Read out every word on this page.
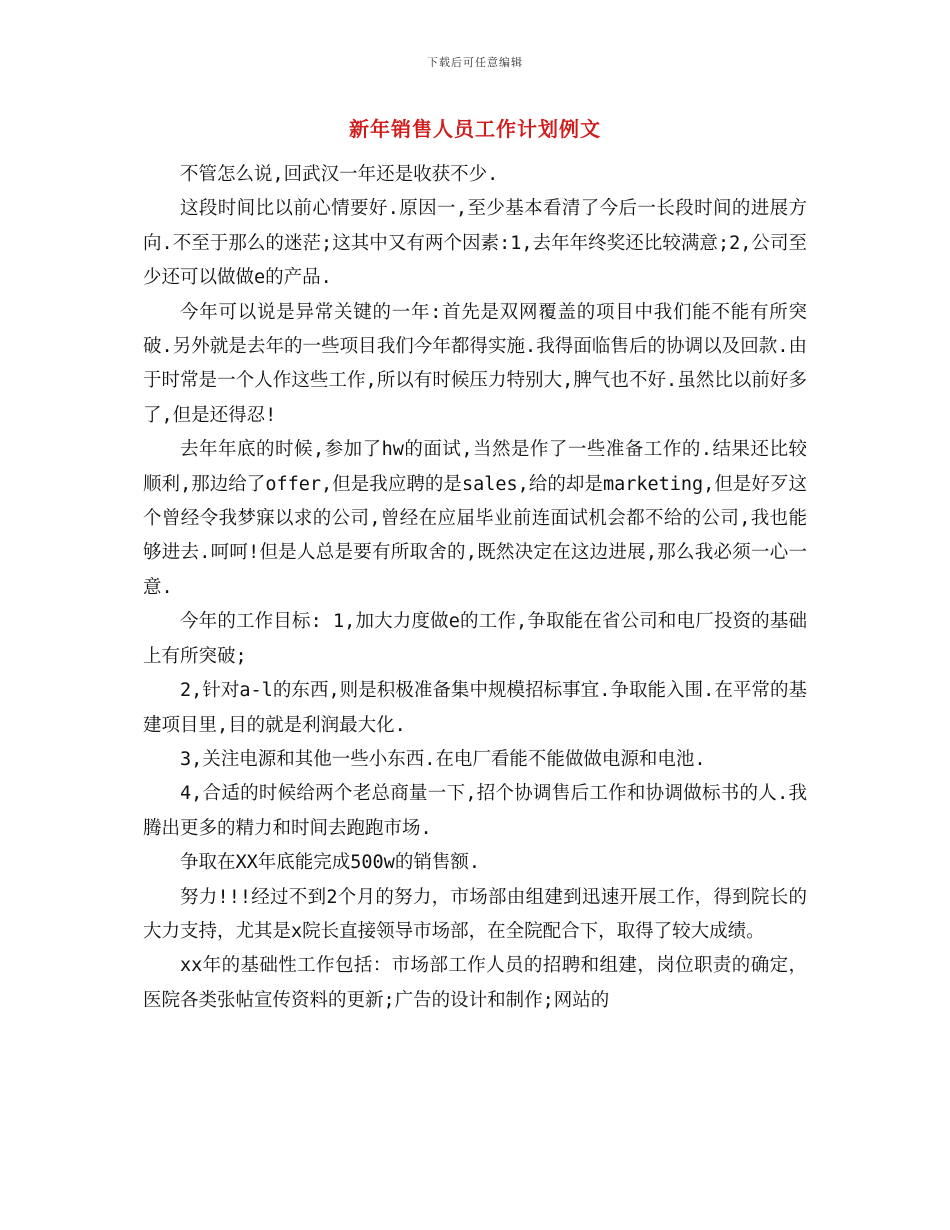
下载后可任意编辑
新年销售人员工作计划例文

不管怎么说,回武汉一年还是收获不少.

这段时间比以前心情要好.原因一,至少基本看清了今后一长段时间的进展方向.不至于那么的迷茫;这其中又有两个因素:1,去年年终奖还比较满意;2,公司至少还可以做做e的产品.

今年可以说是异常关键的一年:首先是双网覆盖的项目中我们能不能有所突破.另外就是去年的一些项目我们今年都得实施.我得面临售后的协调以及回款.由于时常是一个人作这些工作,所以有时候压力特别大,脾气也不好.虽然比以前好多了,但是还得忍!

去年年底的时候,参加了hw的面试,当然是作了一些准备工作的.结果还比较顺利,那边给了offer,但是我应聘的是sales,给的却是marketing,但是好歹这个曾经令我梦寐以求的公司,曾经在应届毕业前连面试机会都不给的公司,我也能够进去.呵呵!但是人总是要有所取舍的,既然决定在这边进展,那么我必须一心一意.

今年的工作目标: 1,加大力度做e的工作,争取能在省公司和电厂投资的基础上有所突破;

2,针对a-l的东西,则是积极准备集中规模招标事宜.争取能入围.在平常的基建项目里,目的就是利润最大化.

3,关注电源和其他一些小东西.在电厂看能不能做做电源和电池.

4,合适的时候给两个老总商量一下,招个协调售后工作和协调做标书的人.我腾出更多的精力和时间去跑跑市场.

争取在XX年底能完成500w的销售额.

努力!!!经过不到2个月的努力，市场部由组建到迅速开展工作，得到院长的大力支持，尤其是x院长直接领导市场部，在全院配合下，取得了较大成绩。

xx年的基础性工作包括：市场部工作人员的招聘和组建，岗位职责的确定，医院各类张帖宣传资料的更新;广告的设计和制作;网站的
